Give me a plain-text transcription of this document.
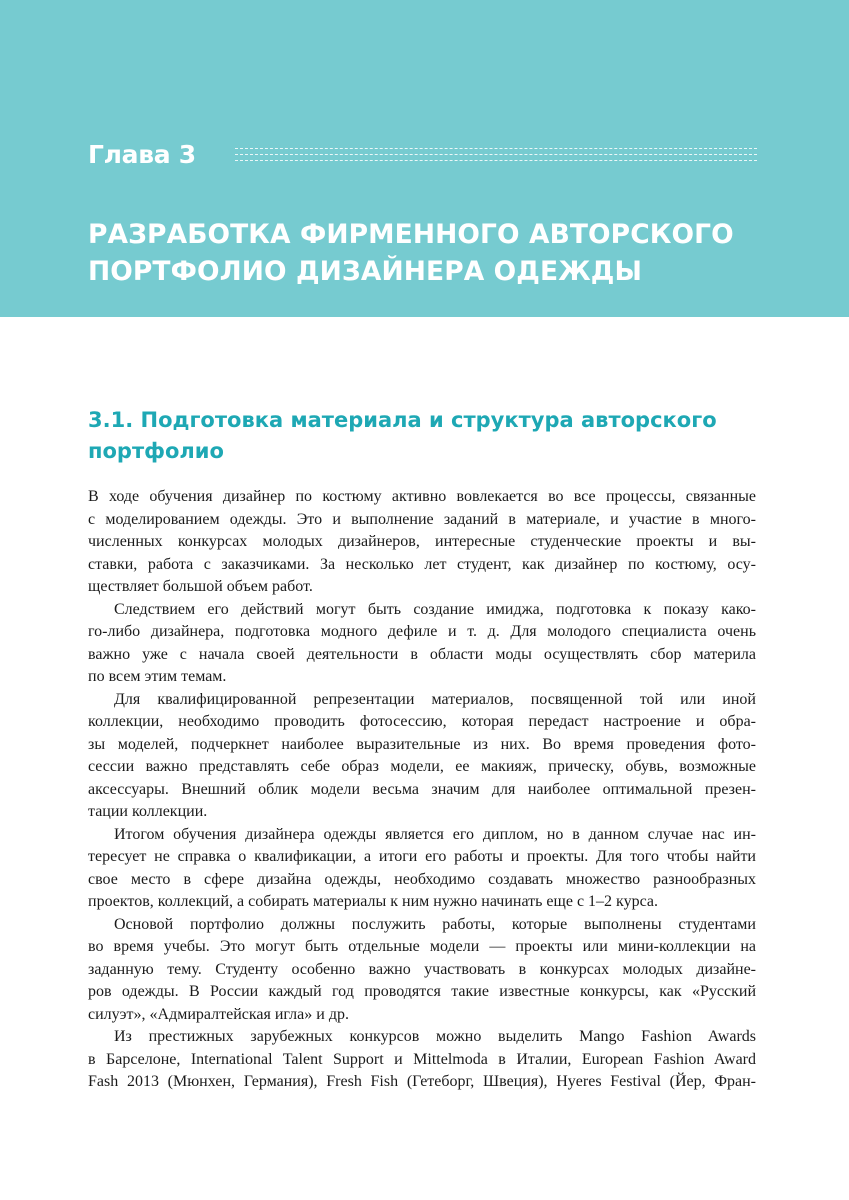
Глава 3
РАЗРАБОТКА ФИРМЕННОГО АВТОРСКОГО
ПОРТФОЛИО ДИЗАЙНЕРА ОДЕЖДЫ
3.1. Подготовка материала и структура авторского
портфолио
В ходе обучения дизайнер по костюму активно вовлекается во все процессы, связанные
с моделированием одежды. Это и выполнение заданий в материале, и участие в много-
численных конкурсах молодых дизайнеров, интересные студенческие проекты и вы-
ставки, работа с заказчиками. За несколько лет студент, как дизайнер по костюму, осу-
ществляет большой объем работ.
Следствием его действий могут быть создание имиджа, подготовка к показу како-
го-либо дизайнера, подготовка модного дефиле и т. д. Для молодого специалиста очень
важно уже с начала своей деятельности в области моды осуществлять сбор материла
по всем этим темам.
Для квалифицированной репрезентации материалов, посвященной той или иной
коллекции, необходимо проводить фотосессию, которая передаст настроение и обра-
зы моделей, подчеркнет наиболее выразительные из них. Во время проведения фото-
сессии важно представлять себе образ модели, ее макияж, прическу, обувь, возможные
аксессуары. Внешний облик модели весьма значим для наиболее оптимальной презен-
тации коллекции.
Итогом обучения дизайнера одежды является его диплом, но в данном случае нас ин-
тересует не справка о квалификации, а итоги его работы и проекты. Для того чтобы найти
свое место в сфере дизайна одежды, необходимо создавать множество разнообразных
проектов, коллекций, а собирать материалы к ним нужно начинать еще с 1–2 курса.
Основой портфолио должны послужить работы, которые выполнены студентами
во время учебы. Это могут быть отдельные модели — проекты или мини-коллекции на
заданную тему. Студенту особенно важно участвовать в конкурсах молодых дизайне-
ров одежды. В России каждый год проводятся такие известные конкурсы, как «Русский
силуэт», «Адмиралтейская игла» и др.
Из престижных зарубежных конкурсов можно выделить Mango Fashion Awards
в Барселоне, International Talent Support и Mittelmoda в Италии, European Fashion Award
Fash 2013 (Мюнхен, Германия), Fresh Fish (Гетеборг, Швеция), Hyeres Festival (Йер, Фран-
